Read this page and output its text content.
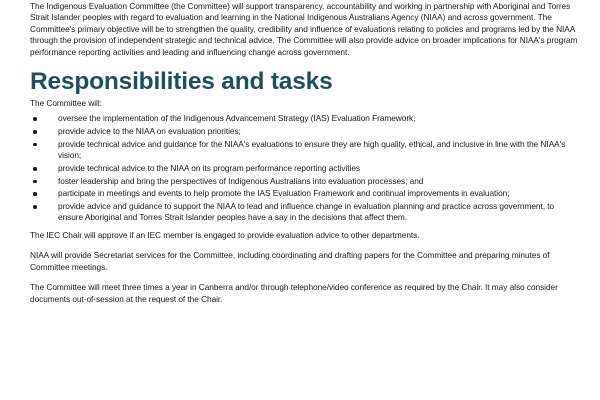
The Indigenous Evaluation Committee (the Committee) will support transparency, accountability and working in partnership with Aboriginal and Torres Strait Islander peoples with regard to evaluation and learning in the National Indigenous Australians Agency (NIAA) and across government. The Committee's primary objective will be to strengthen the quality, credibility and influence of evaluations relating to policies and programs led by the NIAA through the provision of independent strategic and technical advice. The Committee will also provide advice on broader implications for NIAA's program performance reporting activities and leading and influencing change across government.

Responsibilities and tasks

The Committee will:

oversee the implementation of the Indigenous Advancement Strategy (IAS) Evaluation Framework;
provide advice to the NIAA on evaluation priorities;
provide technical advice and guidance for the NIAA's evaluations to ensure they are high quality, ethical, and inclusive in line with the NIAA's vision;
provide technical advice to the NIAA on its program performance reporting activities
foster leadership and bring the perspectives of Indigenous Australians into evaluation processes; and
participate in meetings and events to help promote the IAS Evaluation Framework and continual improvements in evaluation;
provide advice and guidance to support the NIAA to lead and influence change in evaluation planning and practice across government, to ensure Aboriginal and Torres Strait Islander peoples have a say in the decisions that affect them.

The IEC Chair will approve if an IEC member is engaged to provide evaluation advice to other departments.

NIAA will provide Secretariat services for the Committee, including coordinating and drafting papers for the Committee and preparing minutes of Committee meetings.

The Committee will meet three times a year in Canberra and/or through telephone/video conference as required by the Chair. It may also consider documents out-of-session at the request of the Chair.
